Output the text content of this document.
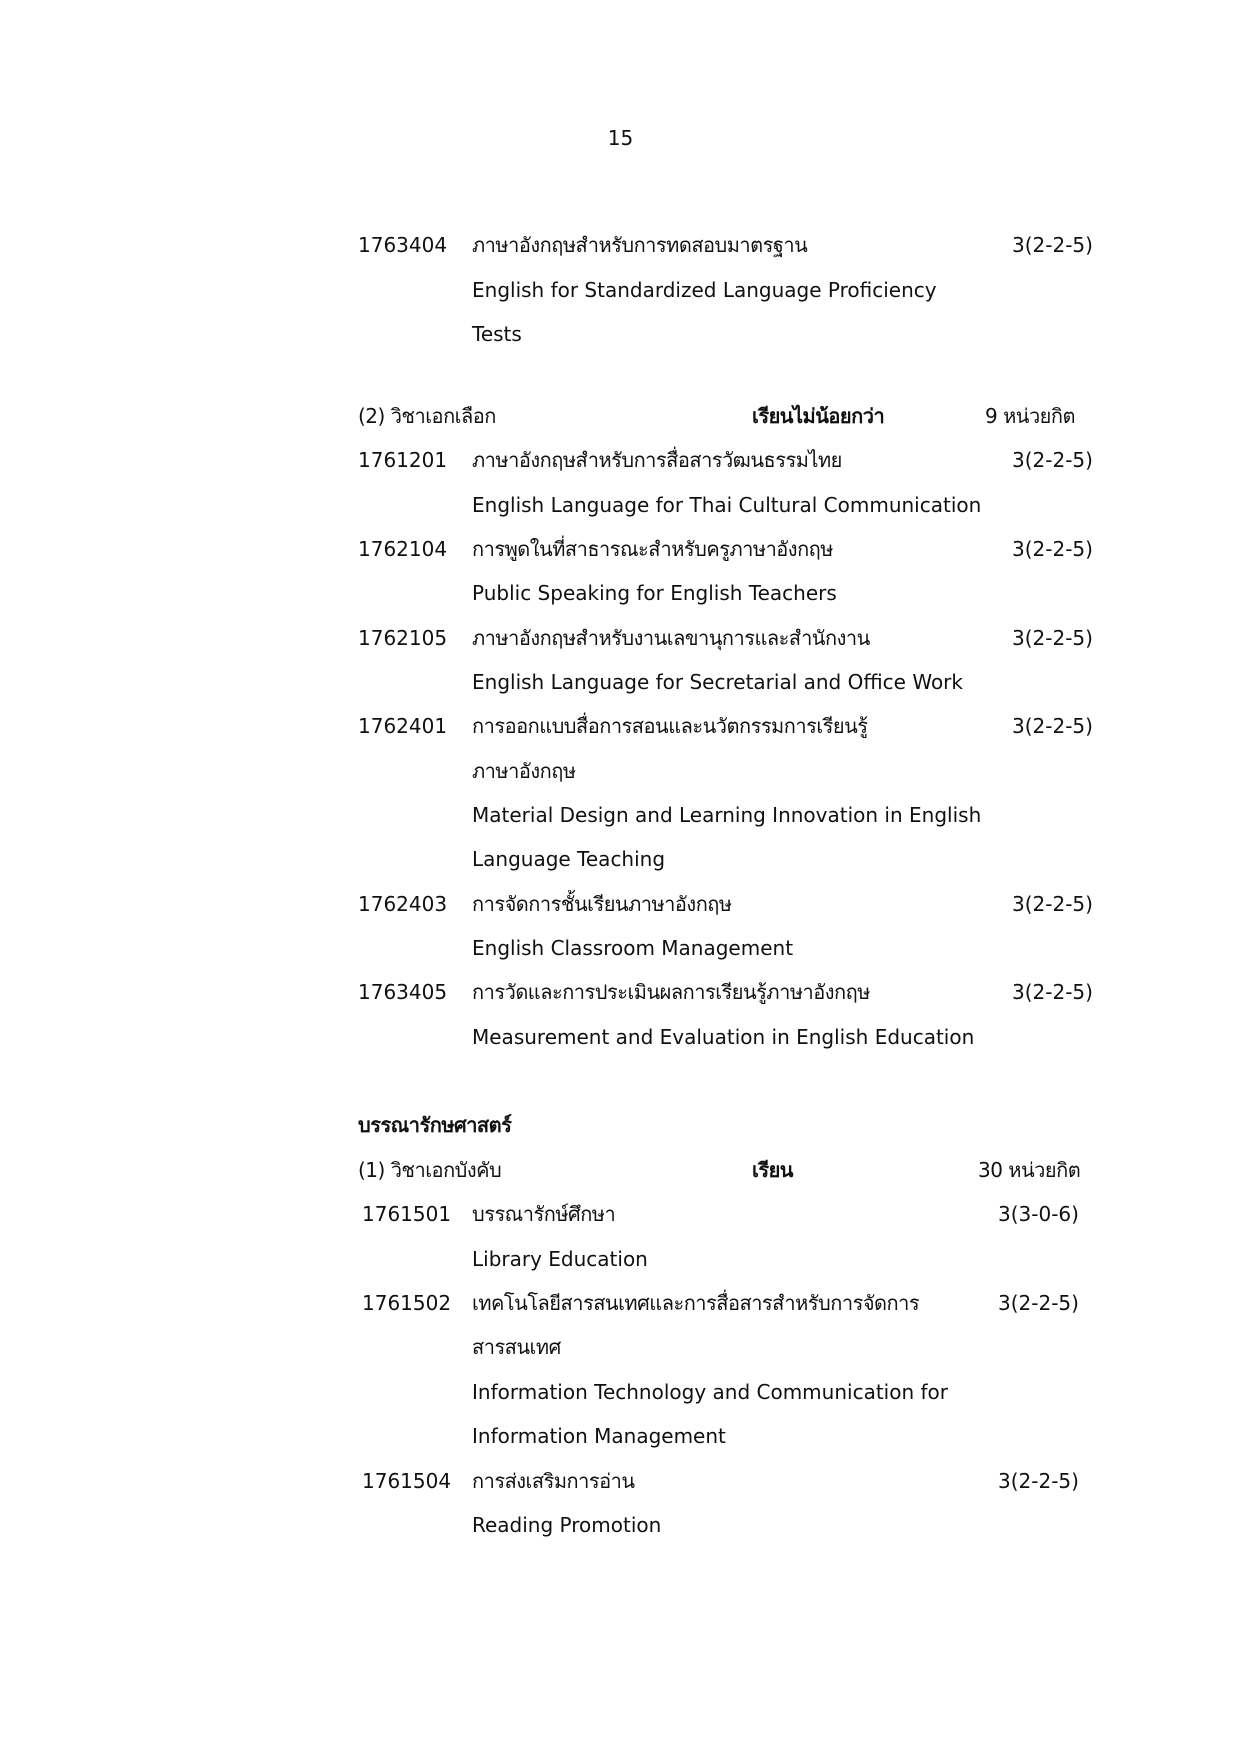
15
1763404 ภาษาอังกฤษสำหรับการทดสอบมาตรฐาน	3(2-2-5)
English for Standardized Language Proficiency
Tests
(2) วิชาเอกเลือก	เรียนไม่น้อยกว่า	9 หน่วยกิต
1761201 ภาษาอังกฤษสำหรับการสื่อสารวัฒนธรรมไทย	3(2-2-5)
English Language for Thai Cultural Communication
1762104 การพูดในที่สาธารณะสำหรับครูภาษาอังกฤษ	3(2-2-5)
Public Speaking for English Teachers
1762105 ภาษาอังกฤษสำหรับงานเลขานุการและสำนักงาน	3(2-2-5)
English Language for Secretarial and Office Work
1762401 การออกแบบสื่อการสอนและนวัตกรรมการเรียนรู้	3(2-2-5)
ภาษาอังกฤษ
Material Design and Learning Innovation in English
Language Teaching
1762403 การจัดการชั้นเรียนภาษาอังกฤษ	3(2-2-5)
English Classroom Management
1763405 การวัดและการประเมินผลการเรียนรู้ภาษาอังกฤษ	3(2-2-5)
Measurement and Evaluation in English Education
บรรณารักษศาสตร์
(1) วิชาเอกบังคับ	เรียน	30 หน่วยกิต
1761501 บรรณารักษ์ศึกษา	3(3-0-6)
Library Education
1761502 เทคโนโลยีสารสนเทศและการสื่อสารสำหรับการจัดการ	3(2-2-5)
สารสนเทศ
Information Technology and Communication for
Information Management
1761504 การส่งเสริมการอ่าน	3(2-2-5)
Reading Promotion
